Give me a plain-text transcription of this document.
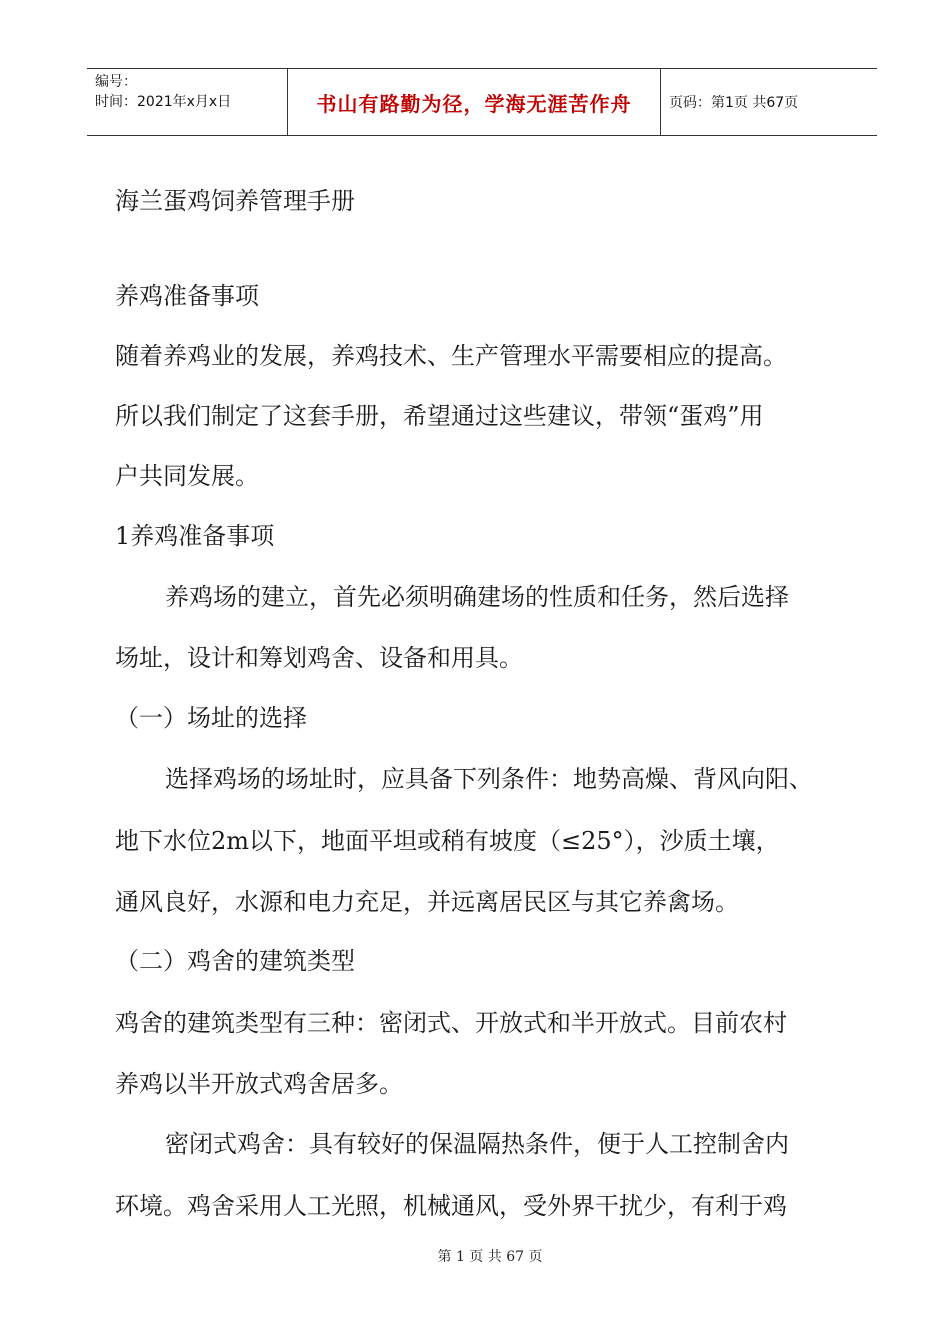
编号：
时间：2021年x月x日	书山有路勤为径，学海无涯苦作舟	页码：第1页 共67页
海兰蛋鸡饲养管理手册
养鸡准备事项
随着养鸡业的发展，养鸡技术、生产管理水平需要相应的提高。
所以我们制定了这套手册，希望通过这些建议，带领“蛋鸡”用
户共同发展。
1养鸡准备事项
养鸡场的建立，首先必须明确建场的性质和任务，然后选择
场址，设计和筹划鸡舍、设备和用具。
（一）场址的选择
选择鸡场的场址时，应具备下列条件：地势高燥、背风向阳、
地下水位2m以下，地面平坦或稍有坡度（≤25°），沙质土壤，
通风良好，水源和电力充足，并远离居民区与其它养禽场。
（二）鸡舍的建筑类型
鸡舍的建筑类型有三种：密闭式、开放式和半开放式。目前农村
养鸡以半开放式鸡舍居多。
密闭式鸡舍：具有较好的保温隔热条件，便于人工控制舍内
环境。鸡舍采用人工光照，机械通风，受外界干扰少，有利于鸡
第 1 页 共 67 页
